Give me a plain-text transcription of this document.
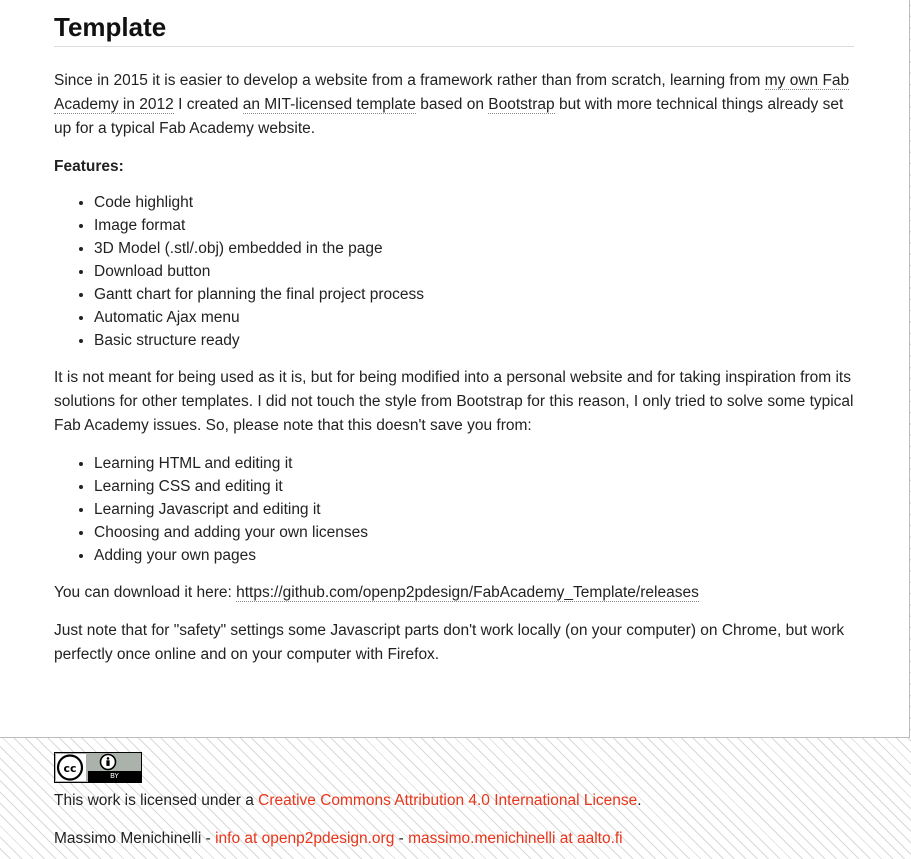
Template

Since in 2015 it is easier to develop a website from a framework rather than from scratch, learning from my own Fab Academy in 2012 I created an MIT-licensed template based on Bootstrap but with more technical things already set up for a typical Fab Academy website.

Features:

• Code highlight
• Image format
• 3D Model (.stl/.obj) embedded in the page
• Download button
• Gantt chart for planning the final project process
• Automatic Ajax menu
• Basic structure ready

It is not meant for being used as it is, but for being modified into a personal website and for taking inspiration from its solutions for other templates. I did not touch the style from Bootstrap for this reason, I only tried to solve some typical Fab Academy issues. So, please note that this doesn't save you from:

• Learning HTML and editing it
• Learning CSS and editing it
• Learning Javascript and editing it
• Choosing and adding your own licenses
• Adding your own pages

You can download it here: https://github.com/openp2pdesign/FabAcademy_Template/releases

Just note that for "safety" settings some Javascript parts don't work locally (on your computer) on Chrome, but work perfectly once online and on your computer with Firefox.

cc
BY
This work is licensed under a Creative Commons Attribution 4.0 International License.
Massimo Menichinelli - info at openp2pdesign.org - massimo.menichinelli at aalto.fi
